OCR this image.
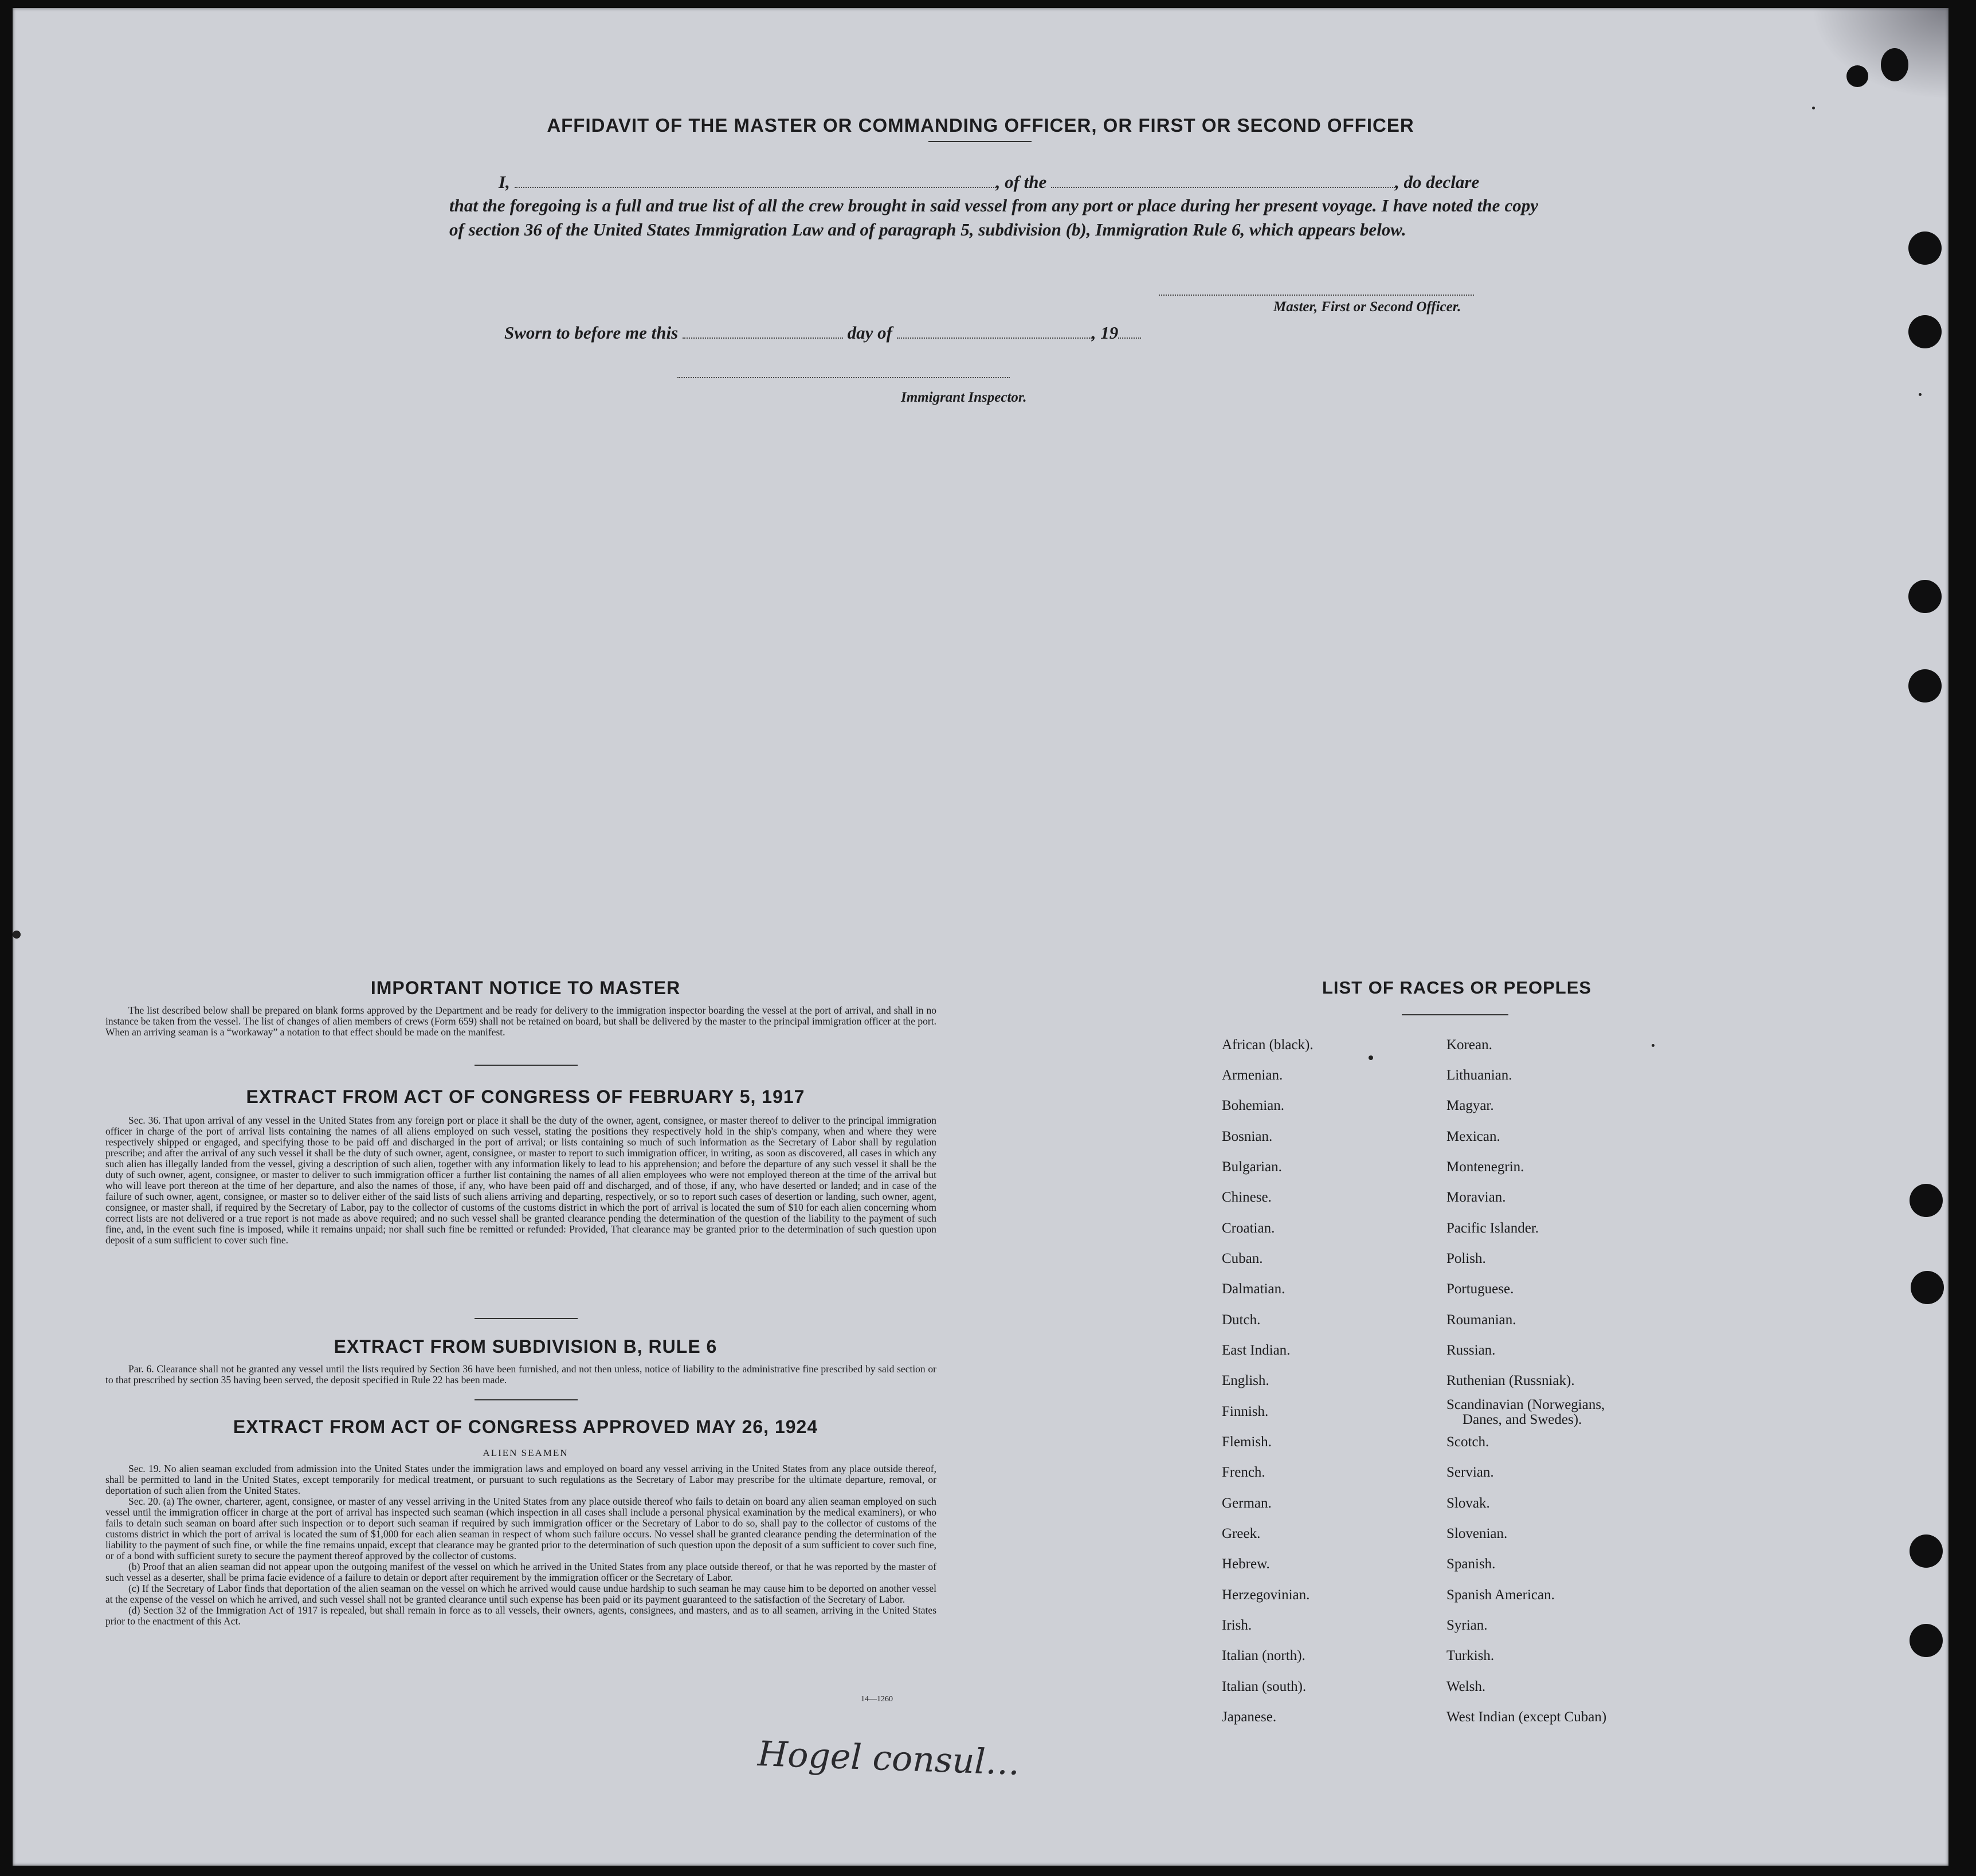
AFFIDAVIT OF THE MASTER OR COMMANDING OFFICER, OR FIRST OR SECOND OFFICER
I,	, of the	, do declare
that the foregoing is a full and true list of all the crew brought in said vessel from any port or place during her present voyage. I have noted the copy of section 36 of the United States Immigration Law and of paragraph 5, subdivision (b), Immigration Rule 6, which appears below.
Master, First or Second Officer.
Sworn to before me this	day of	, 19
Immigrant Inspector.
IMPORTANT NOTICE TO MASTER

The list described below shall be prepared on blank forms approved by the Department and be ready for delivery to the immigration inspector boarding the vessel at the port of arrival, and shall in no instance be taken from the vessel. The list of changes of alien members of crews (Form 659) shall not be retained on board, but shall be delivered by the master to the principal immigration officer at the port. When an arriving seaman is a “workaway” a notation to that effect should be made on the manifest.

EXTRACT FROM ACT OF CONGRESS OF FEBRUARY 5, 1917

Sec. 36. That upon arrival of any vessel in the United States from any foreign port or place it shall be the duty of the owner, agent, consignee, or master thereof to deliver to the principal immigration officer in charge of the port of arrival lists containing the names of all aliens employed on such vessel, stating the positions they respectively hold in the ship's company, when and where they were respectively shipped or engaged, and specifying those to be paid off and discharged in the port of arrival; or lists containing so much of such information as the Secretary of Labor shall by regulation prescribe; and after the arrival of any such vessel it shall be the duty of such owner, agent, consignee, or master to report to such immigration officer, in writing, as soon as discovered, all cases in which any such alien has illegally landed from the vessel, giving a description of such alien, together with any information likely to lead to his apprehension; and before the departure of any such vessel it shall be the duty of such owner, agent, consignee, or master to deliver to such immigration officer a further list containing the names of all alien employees who were not employed thereon at the time of the arrival but who will leave port thereon at the time of her departure, and also the names of those, if any, who have been paid off and discharged, and of those, if any, who have deserted or landed; and in case of the failure of such owner, agent, consignee, or master so to deliver either of the said lists of such aliens arriving and departing, respectively, or so to report such cases of desertion or landing, such owner, agent, consignee, or master shall, if required by the Secretary of Labor, pay to the collector of customs of the customs district in which the port of arrival is located the sum of $10 for each alien concerning whom correct lists are not delivered or a true report is not made as above required; and no such vessel shall be granted clearance pending the determination of the question of the liability to the payment of such fine, and, in the event such fine is imposed, while it remains unpaid; nor shall such fine be remitted or refunded: Provided, That clearance may be granted prior to the determination of such question upon deposit of a sum sufficient to cover such fine.

EXTRACT FROM SUBDIVISION B, RULE 6

Par. 6. Clearance shall not be granted any vessel until the lists required by Section 36 have been furnished, and not then unless, notice of liability to the administrative fine prescribed by said section or to that prescribed by section 35 having been served, the deposit specified in Rule 22 has been made.

EXTRACT FROM ACT OF CONGRESS APPROVED MAY 26, 1924
ALIEN SEAMEN

Sec. 19. No alien seaman excluded from admission into the United States under the immigration laws and employed on board any vessel arriving in the United States from any place outside thereof, shall be permitted to land in the United States, except temporarily for medical treatment, or pursuant to such regulations as the Secretary of Labor may prescribe for the ultimate departure, removal, or deportation of such alien from the United States.

Sec. 20. (a) The owner, charterer, agent, consignee, or master of any vessel arriving in the United States from any place outside thereof who fails to detain on board any alien seaman employed on such vessel until the immigration officer in charge at the port of arrival has inspected such seaman (which inspection in all cases shall include a personal physical examination by the medical examiners), or who fails to detain such seaman on board after such inspection or to deport such seaman if required by such immigration officer or the Secretary of Labor to do so, shall pay to the collector of customs of the customs district in which the port of arrival is located the sum of $1,000 for each alien seaman in respect of whom such failure occurs. No vessel shall be granted clearance pending the determination of the liability to the payment of such fine, or while the fine remains unpaid, except that clearance may be granted prior to the determination of such question upon the deposit of a sum sufficient to cover such fine, or of a bond with sufficient surety to secure the payment thereof approved by the collector of customs.

(b) Proof that an alien seaman did not appear upon the outgoing manifest of the vessel on which he arrived in the United States from any place outside thereof, or that he was reported by the master of such vessel as a deserter, shall be prima facie evidence of a failure to detain or deport after requirement by the immigration officer or the Secretary of Labor.

(c) If the Secretary of Labor finds that deportation of the alien seaman on the vessel on which he arrived would cause undue hardship to such seaman he may cause him to be deported on another vessel at the expense of the vessel on which he arrived, and such vessel shall not be granted clearance until such expense has been paid or its payment guaranteed to the satisfaction of the Secretary of Labor.

(d) Section 32 of the Immigration Act of 1917 is repealed, but shall remain in force as to all vessels, their owners, agents, consignees, and masters, and as to all seamen, arriving in the United States prior to the enactment of this Act.

14—1260
LIST OF RACES OR PEOPLES
African (black).
Armenian.
Bohemian.
Bosnian.
Bulgarian.
Chinese.
Croatian.
Cuban.
Dalmatian.
Dutch.
East Indian.
English.
Finnish.
Flemish.
French.
German.
Greek.
Hebrew.
Herzegovinian.
Irish.
Italian (north).
Italian (south).
Japanese.
Korean.
Lithuanian.
Magyar.
Mexican.
Montenegrin.
Moravian.
Pacific Islander.
Polish.
Portuguese.
Roumanian.
Russian.
Ruthenian (Russniak).
Scandinavian (Norwegians,
Danes, and Swedes).
Scotch.
Servian.
Slovak.
Slovenian.
Spanish.
Spanish American.
Syrian.
Turkish.
Welsh.
West Indian (except Cuban)
Hogel consul…
